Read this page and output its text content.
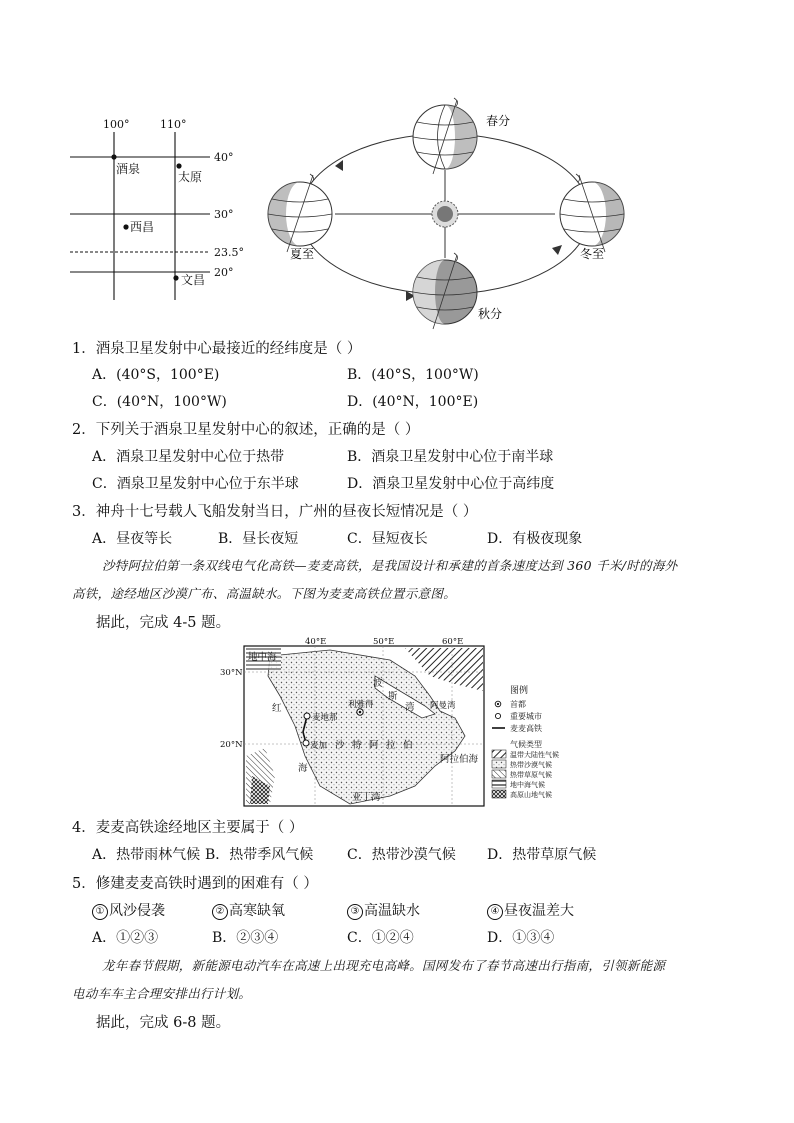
100°	110°
40°
30°
23.5°
20°
酒泉
太原
西昌
文昌
春分
夏至	冬至
秋分
1．酒泉卫星发射中心最接近的经纬度是（ ）
A．(40°S，100°E)	B．(40°S，100°W)
C．(40°N，100°W)	D．(40°N，100°E)
2．下列关于酒泉卫星发射中心的叙述，正确的是（ ）
A．酒泉卫星发射中心位于热带	B．酒泉卫星发射中心位于南半球
C．酒泉卫星发射中心位于东半球	D．酒泉卫星发射中心位于高纬度
3．神舟十七号载人飞船发射当日，广州的昼夜长短情况是（ ）
A．昼夜等长	B．昼长夜短	C．昼短夜长	D．有极夜现象
沙特阿拉伯第一条双线电气化高铁—麦麦高铁，是我国设计和承建的首条速度达到 360 千米/时的海外
高铁，途经地区沙漠广布、高温缺水。下图为麦麦高铁位置示意图。
据此，完成 4-5 题。
40°E	50°E	60°E
30°N
20°N
地中海
红
海
波
斯
湾
利雅得
麦地那
麦加
阿曼湾
沙 特 阿 拉 伯
阿拉伯海
亚丁湾
图例
首都
重要城市
麦麦高铁
气候类型
温带大陆性气候
热带沙漠气候
热带草原气候
地中海气候
高原山地气候
4．麦麦高铁途经地区主要属于（ ）
A．热带雨林气候 B．热带季风气候 C．热带沙漠气候 D．热带草原气候
5．修建麦麦高铁时遇到的困难有（ ）
① 风沙侵袭	② 高寒缺氧	③ 高温缺水	④ 昼夜温差大
A．①②③	B．②③④	C．①②④	D．①③④
龙年春节假期，新能源电动汽车在高速上出现充电高峰。国网发布了春节高速出行指南，引领新能源
电动车车主合理安排出行计划。
据此，完成 6-8 题。
